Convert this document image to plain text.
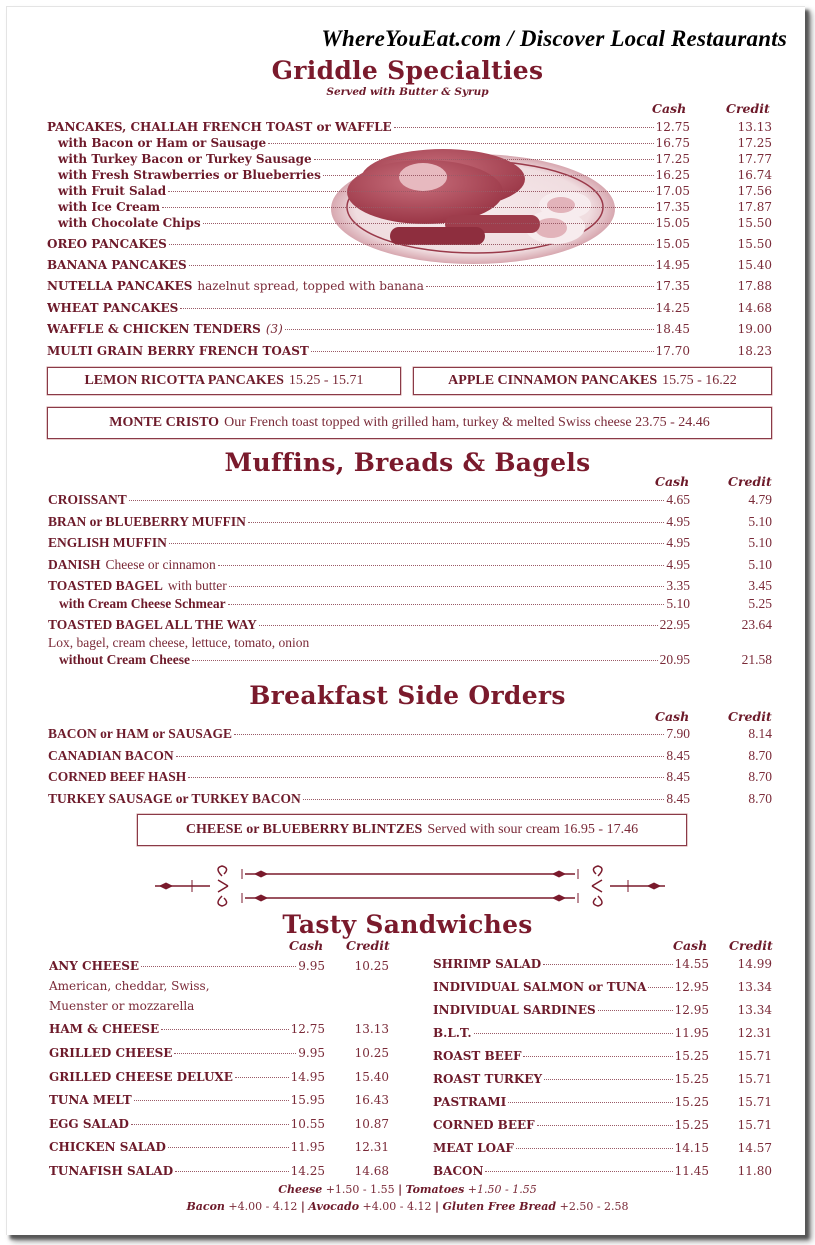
WhereYouEat.com / Discover Local Restaurants
Griddle Specialties
Served with Butter & Syrup
Cash	Credit
PANCAKES, CHALLAH FRENCH TOAST or WAFFLE	12.75	13.13
with Bacon or Ham or Sausage	16.75	17.25
with Turkey Bacon or Turkey Sausage	17.25	17.77
with Fresh Strawberries or Blueberries	16.25	16.74
with Fruit Salad	17.05	17.56
with Ice Cream	17.35	17.87
with Chocolate Chips	15.05	15.50
OREO PANCAKES	15.05	15.50
BANANA PANCAKES	14.95	15.40
NUTELLA PANCAKES hazelnut spread, topped with banana	17.35	17.88
WHEAT PANCAKES	14.25	14.68
WAFFLE & CHICKEN TENDERS (3)	18.45	19.00
MULTI GRAIN BERRY FRENCH TOAST	17.70	18.23
LEMON RICOTTA PANCAKES 15.25 - 15.71	APPLE CINNAMON PANCAKES 15.75 - 16.22
MONTE CRISTO Our French toast topped with grilled ham, turkey & melted Swiss cheese
23.75 - 24.46
Muffins, Breads & Bagels
Cash	Credit
CROISSANT	4.65	4.79
BRAN or BLUEBERRY MUFFIN	4.95	5.10
ENGLISH MUFFIN	4.95	5.10
DANISH Cheese or cinnamon	4.95	5.10
TOASTED BAGEL with butter	3.35	3.45
with Cream Cheese Schmear	5.10	5.25
TOASTED BAGEL ALL THE WAY	22.95	23.64
Lox, bagel, cream cheese, lettuce, tomato, onion
without Cream Cheese	20.95	21.58
Breakfast Side Orders
Cash	Credit
BACON or HAM or SAUSAGE	7.90	8.14
CANADIAN BACON	8.45	8.70
CORNED BEEF HASH	8.45	8.70
TURKEY SAUSAGE or TURKEY BACON	8.45	8.70
CHEESE or BLUEBERRY BLINTZES Served with sour cream
16.95 - 17.46
Tasty Sandwiches
Cash Credit	Cash Credit
ANY CHEESE	9.95	10.25
American, cheddar, Swiss,
Muenster or mozzarella
HAM & CHEESE	12.75	13.13
GRILLED CHEESE	9.95	10.25
GRILLED CHEESE DELUXE	14.95	15.40
TUNA MELT	15.95	16.43
EGG SALAD	10.55	10.87
CHICKEN SALAD	11.95	12.31
TUNAFISH SALAD	14.25	14.68
SHRIMP SALAD	14.55	14.99
INDIVIDUAL SALMON or TUNA 12.95	13.34
INDIVIDUAL SARDINES	12.95	13.34
B.L.T.	11.95	12.31
ROAST BEEF	15.25	15.71
ROAST TURKEY	15.25	15.71
PASTRAMI	15.25	15.71
CORNED BEEF	15.25	15.71
MEAT LOAF	14.15	14.57
BACON	11.45	11.80
Cheese +1.50 - 1.55 | Tomatoes +1.50 - 1.55
Bacon +4.00 - 4.12 | Avocado +4.00 - 4.12 | Gluten Free Bread +2.50 - 2.58
